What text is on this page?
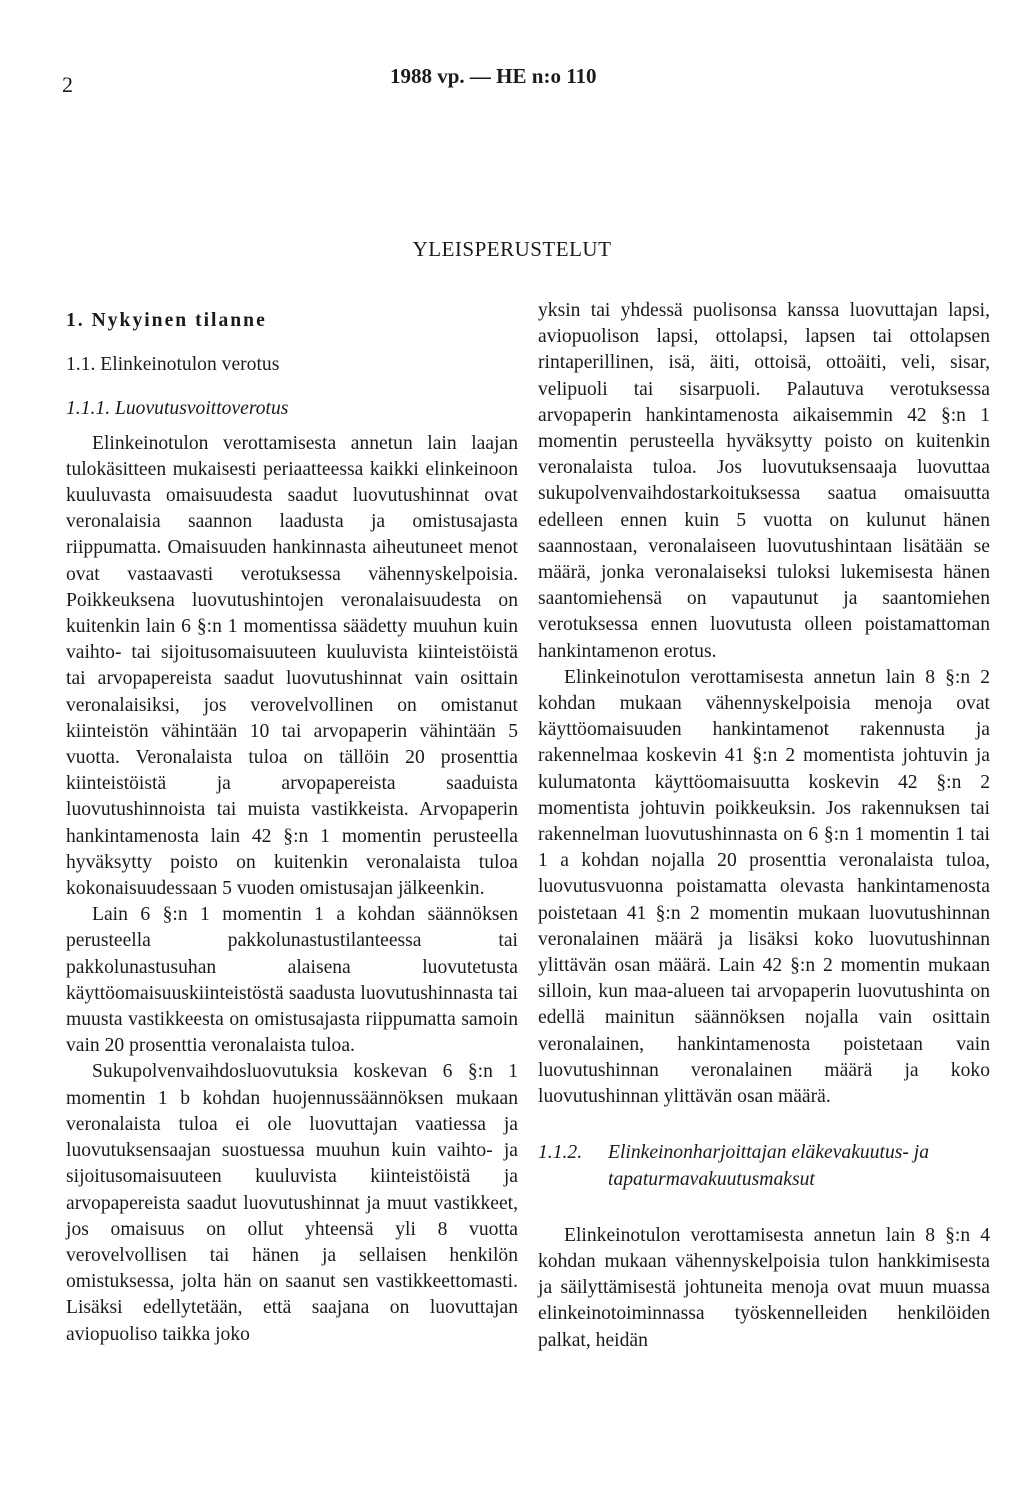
2	1988 vp. — HE n:o 110
YLEISPERUSTELUT
1. Nykyinen tilanne
1.1. Elinkeinotulon verotus
1.1.1. Luovutusvoittoverotus

Elinkeinotulon verottamisesta annetun lain laajan tulokäsitteen mukaisesti periaatteessa kaikki elinkeinoon kuuluvasta omaisuudesta saadut luovutushinnat ovat veronalaisia saannon laadusta ja omistusajasta riippumatta. Omaisuuden hankinnasta aiheutuneet menot ovat vastaavasti verotuksessa vähennyskelpoisia. Poikkeuksena luovutushintojen veronalaisuudesta on kuitenkin lain 6 §:n 1 momentissa säädetty muuhun kuin vaihto- tai sijoitusomaisuuteen kuuluvista kiinteistöistä tai arvopapereista saadut luovutushinnat vain osittain veronalaisiksi, jos verovelvollinen on omistanut kiinteistön vähintään 10 tai arvopaperin vähintään 5 vuotta. Veronalaista tuloa on tällöin 20 prosenttia kiinteistöistä ja arvopapereista saaduista luovutushinnoista tai muista vastikkeista. Arvopaperin hankintamenosta lain 42 §:n 1 momentin perusteella hyväksytty poisto on kuitenkin veronalaista tuloa kokonaisuudessaan 5 vuoden omistusajan jälkeenkin.

Lain 6 §:n 1 momentin 1 a kohdan säännöksen perusteella pakkolunastustilanteessa tai pakkolunastusuhan alaisena luovutetusta käyttöomaisuuskiinteistöstä saadusta luovutushinnasta tai muusta vastikkeesta on omistusajasta riippumatta samoin vain 20 prosenttia veronalaista tuloa.

Sukupolvenvaihdosluovutuksia koskevan 6 §:n 1 momentin 1 b kohdan huojennussäännöksen mukaan veronalaista tuloa ei ole luovuttajan vaatiessa ja luovutuksensaajan suostuessa muuhun kuin vaihto- ja sijoitusomaisuuteen kuuluvista kiinteistöistä ja arvopapereista saadut luovutushinnat ja muut vastikkeet, jos omaisuus on ollut yhteensä yli 8 vuotta verovelvollisen tai hänen ja sellaisen henkilön omistuksessa, jolta hän on saanut sen vastikkeettomasti. Lisäksi edellytetään, että saajana on luovuttajan aviopuoliso taikka joko

yksin tai yhdessä puolisonsa kanssa luovuttajan lapsi, aviopuolison lapsi, ottolapsi, lapsen tai ottolapsen rintaperillinen, isä, äiti, ottoisä, ottoäiti, veli, sisar, velipuoli tai sisarpuoli. Palautuva verotuksessa arvopaperin hankintamenosta aikaisemmin 42 §:n 1 momentin perusteella hyväksytty poisto on kuitenkin veronalaista tuloa. Jos luovutuksensaaja luovuttaa sukupolvenvaihdostarkoituksessa saatua omaisuutta edelleen ennen kuin 5 vuotta on kulunut hänen saannostaan, veronalaiseen luovutushintaan lisätään se määrä, jonka veronalaiseksi tuloksi lukemisesta hänen saantomiehensä on vapautunut ja saantomiehen verotuksessa ennen luovutusta olleen poistamattoman hankintamenon erotus.

Elinkeinotulon verottamisesta annetun lain 8 §:n 2 kohdan mukaan vähennyskelpoisia menoja ovat käyttöomaisuuden hankintamenot rakennusta ja rakennelmaa koskevin 41 §:n 2 momentista johtuvin ja kulumatonta käyttöomaisuutta koskevin 42 §:n 2 momentista johtuvin poikkeuksin. Jos rakennuksen tai rakennelman luovutushinnasta on 6 §:n 1 momentin 1 tai 1 a kohdan nojalla 20 prosenttia veronalaista tuloa, luovutusvuonna poistamatta olevasta hankintamenosta poistetaan 41 §:n 2 momentin mukaan luovutushinnan veronalainen määrä ja lisäksi koko luovutushinnan ylittävän osan määrä. Lain 42 §:n 2 momentin mukaan silloin, kun maa-alueen tai arvopaperin luovutushinta on edellä mainitun säännöksen nojalla vain osittain veronalainen, hankintamenosta poistetaan vain luovutushinnan veronalainen määrä ja koko luovutushinnan ylittävän osan määrä.

1.1.2.	Elinkeinonharjoittajan eläkevakuutus- ja tapaturmavakuutusmaksut

Elinkeinotulon verottamisesta annetun lain 8 §:n 4 kohdan mukaan vähennyskelpoisia tulon hankkimisesta ja säilyttämisestä johtuneita menoja ovat muun muassa elinkeinotoiminnassa työskennelleiden henkilöiden palkat, heidän
